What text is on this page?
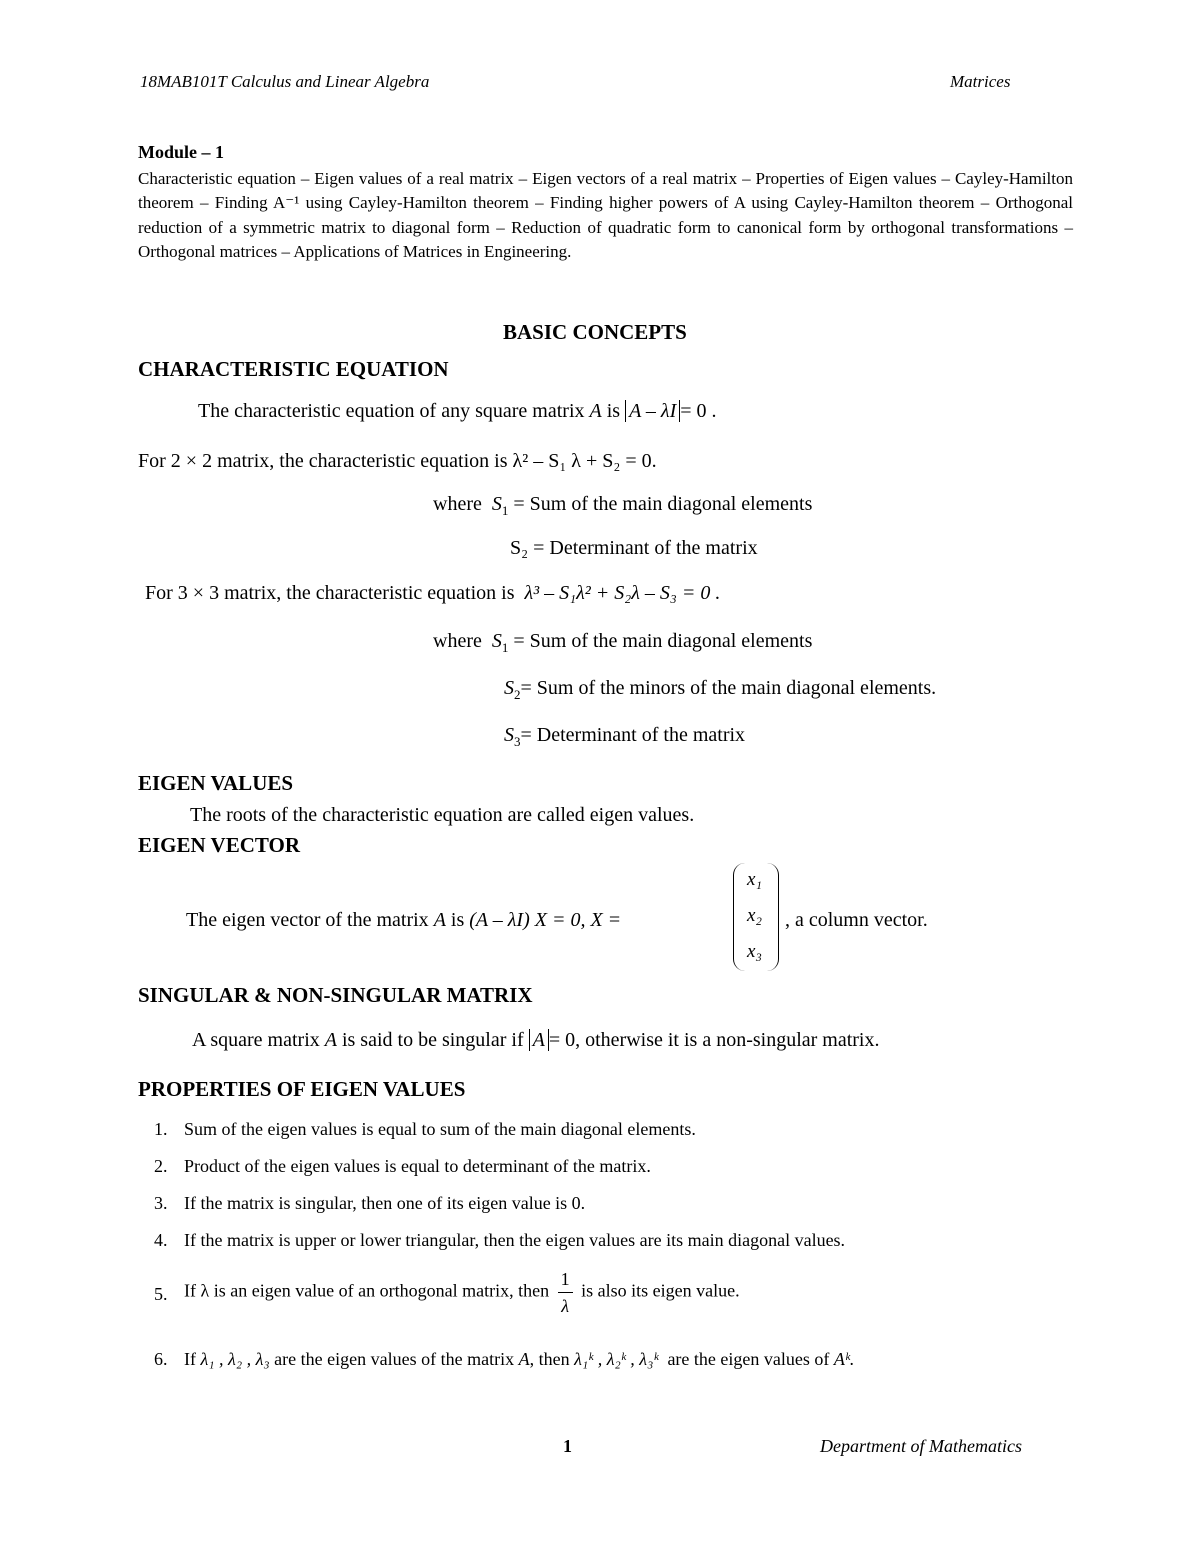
18MAB101T Calculus and Linear Algebra	Matrices
Module – 1
Characteristic equation – Eigen values of a real matrix – Eigen vectors of a real matrix – Properties of Eigen values – Cayley-Hamilton theorem – Finding A⁻¹ using Cayley-Hamilton theorem – Finding higher powers of A using Cayley-Hamilton theorem – Orthogonal reduction of a symmetric matrix to diagonal form – Reduction of quadratic form to canonical form by orthogonal transformations – Orthogonal matrices – Applications of Matrices in Engineering.
BASIC CONCEPTS
CHARACTERISTIC EQUATION
The characteristic equation of any square matrix A is A – λI = 0 .
For 2 × 2 matrix, the characteristic equation is λ² – S₁ λ + S₂ = 0.
where $S_1$ = Sum of the main diagonal elements
S₂ = Determinant of the matrix
For 3 × 3 matrix, the characteristic equation is λ³ – S₁λ² + S₂λ – S₃ = 0 .
where $S_1$ = Sum of the main diagonal elements
$S_2=$ Sum of the minors of the main diagonal elements.
$S_3=$ Determinant of the matrix
EIGEN VALUES
The roots of the characteristic equation are called eigen values.
EIGEN VECTOR
The eigen vector of the matrix A is (A – λI) X = 0, X =
x₁
x₂
x₃
, a column vector.
SINGULAR & NON-SINGULAR MATRIX
A square matrix A is said to be singular if A = 0, otherwise it is a non-singular matrix.
PROPERTIES OF EIGEN VALUES
1. Sum of the eigen values is equal to sum of the main diagonal elements.
2. Product of the eigen values is equal to determinant of the matrix.
3. If the matrix is singular, then one of its eigen value is 0.
4. If the matrix is upper or lower triangular, then the eigen values are its main diagonal values.
5. If λ is an eigen value of an orthogonal matrix, then $\frac{1}{\lambda}$ is also its eigen value.
6. If λ₁ , λ₂ , λ₃ are the eigen values of the matrix A, then λ₁ᵏ , λ₂ᵏ , λ₃ᵏ are the eigen values of Aᵏ.
1	Department of Mathematics
